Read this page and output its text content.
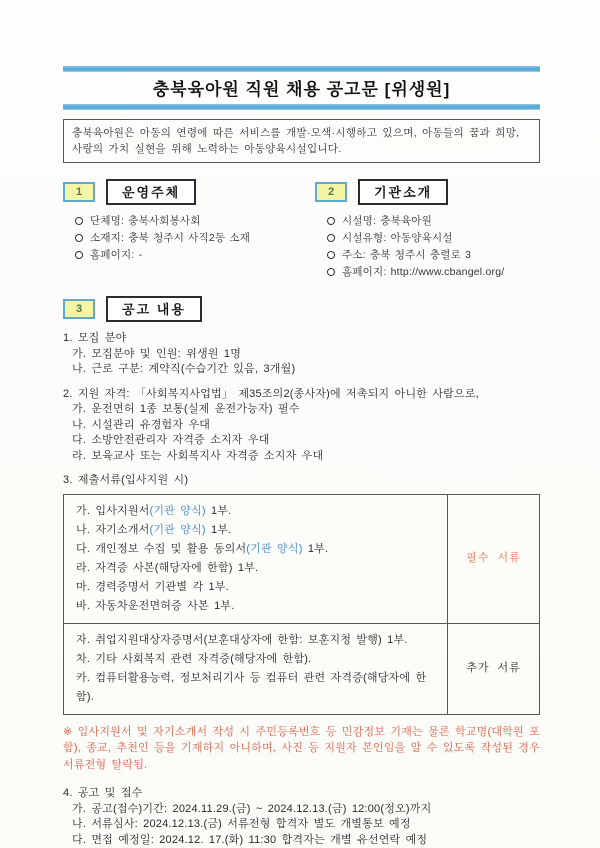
충북육아원 직원 채용 공고문 [위생원]
충북육아원은 아동의 연령에 따른 서비스를 개발·모색·시행하고 있으며, 아동들의 꿈과 희망, 사랑의 가치 실현을 위해 노력하는 아동양육시설입니다.
1	운영주체
단체명: 충북사회봉사회
소재지: 충북 청주시 사직2동 소재
홈페이지: -
2	기관소개
시설명: 충북육아원
시설유형: 아동양육시설
주소: 충북 청주시 충렬로 3
홈페이지: http://www.cbangel.org/
3	공고 내용
1. 모집 분야
가. 모집분야 및 인원: 위생원 1명
나. 근로 구분: 계약직(수습기간 있음, 3개월)
2. 지원 자격: 「사회복지사업법」 제35조의2(종사자)에 저촉되지 아니한 사람으로,
가. 운전면허 1종 보통(실제 운전가능자) 필수
나. 시설관리 유경험자 우대
다. 소방안전관리자 자격증 소지자 우대
라. 보육교사 또는 사회복지사 자격증 소지자 우대
3. 제출서류(입사지원 시)
가. 입사지원서(기관 양식) 1부.
나. 자기소개서(기관 양식) 1부.
다. 개인정보 수집 및 활용 동의서(기관 양식) 1부.
라. 자격증 사본(해당자에 한함) 1부.
마. 경력증명서 기관별 각 1부.
바. 자동차운전면허증 사본 1부.
필수 서류
자. 취업지원대상자증명서(보훈대상자에 한함: 보훈지청 발행) 1부.
차. 기타 사회복지 관련 자격증(해당자에 한함).
카. 컴퓨터활용능력, 정보처리기사 등 컴퓨터 관련 자격증(해당자에 한함).
추가 서류
※ 입사지원서 및 자기소개서 작성 시 주민등록번호 등 민감정보 기재는 물론 학교명(대학원 포함), 종교, 추천인 등을 기재하지 아니하며, 사진 등 지원자 본인임을 알 수 있도록 작성된 경우 서류전형 탈락됨.
4. 공고 및 접수
가. 공고(접수)기간: 2024.11.29.(금) ~ 2024.12.13.(금) 12:00(정오)까지
나. 서류심사: 2024.12.13.(금) 서류전형 합격자 별도 개별통보 예정
다. 면접 예정일: 2024.12. 17.(화) 11:30 합격자는 개별 유선연락 예정
